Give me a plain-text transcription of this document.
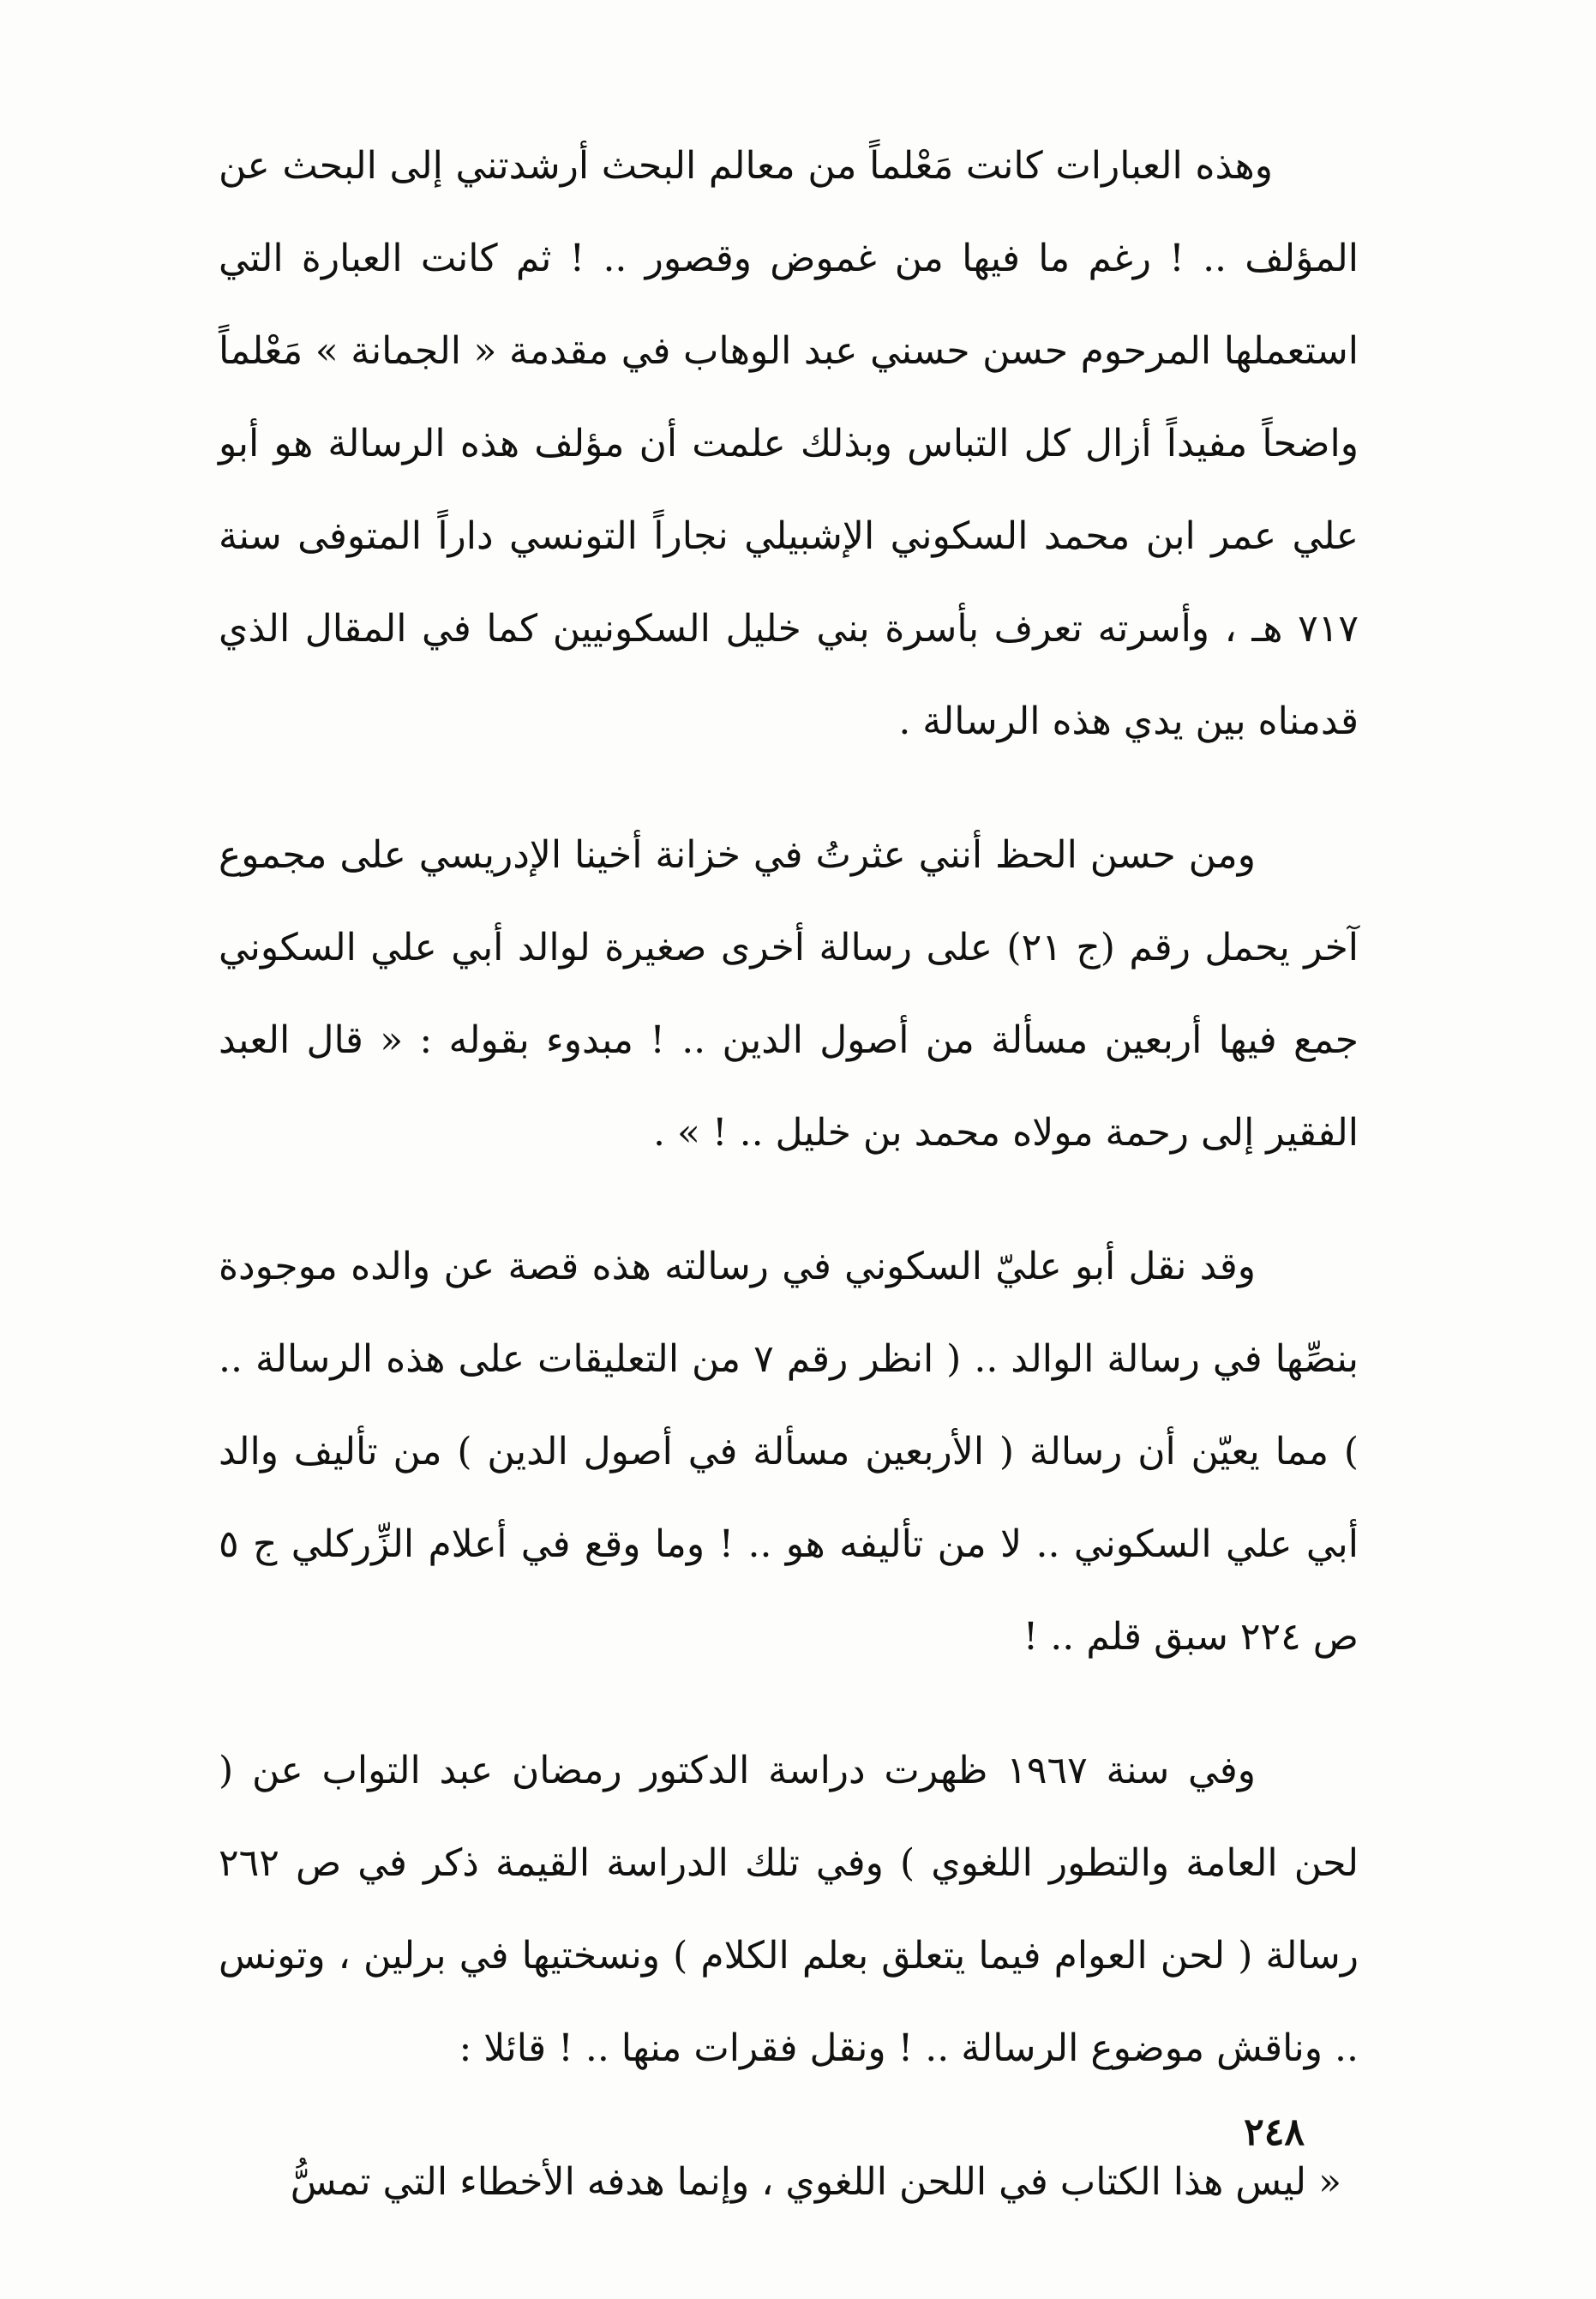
وهذه العبارات كانت مَعْلماً من معالم البحث أرشدتني إلى البحث عن المؤلف .. ! رغم ما فيها من غموض وقصور .. ! ثم كانت العبارة التي استعملها المرحوم حسن حسني عبد الوهاب في مقدمة « الجمانة » مَعْلماً واضحاً مفيداً أزال كل التباس وبذلك علمت أن مؤلف هذه الرسالة هو أبو علي عمر ابن محمد السكوني الإشبيلي نجاراً التونسي داراً المتوفى سنة ٧١٧ هـ ، وأسرته تعرف بأسرة بني خليل السكونيين كما في المقال الذي قدمناه بين يدي هذه الرسالة .

ومن حسن الحظ أنني عثرتُ في خزانة أخينا الإدريسي على مجموع آخر يحمل رقم (ج ٢١) على رسالة أخرى صغيرة لوالد أبي علي السكوني جمع فيها أربعين مسألة من أصول الدين .. ! مبدوء بقوله : « قال العبد الفقير إلى رحمة مولاه محمد بن خليل .. ! » .

وقد نقل أبو عليّ السكوني في رسالته هذه قصة عن والده موجودة بنصِّها في رسالة الوالد .. ( انظر رقم ٧ من التعليقات على هذه الرسالة .. ) مما يعيّن أن رسالة ( الأربعين مسألة في أصول الدين ) من تأليف والد أبي علي السكوني .. لا من تأليفه هو .. ! وما وقع في أعلام الزِّركلي ج ٥ ص ٢٢٤ سبق قلم .. !

وفي سنة ١٩٦٧ ظهرت دراسة الدكتور رمضان عبد التواب عن ( لحن العامة والتطور اللغوي ) وفي تلك الدراسة القيمة ذكر في ص ٢٦٢ رسالة ( لحن العوام فيما يتعلق بعلم الكلام ) ونسختيها في برلين ، وتونس .. وناقش موضوع الرسالة .. ! ونقل فقرات منها .. ! قائلا :

« ليس هذا الكتاب في اللحن اللغوي ، وإنما هدفه الأخطاء التي تمسُّ

٢٤٨
